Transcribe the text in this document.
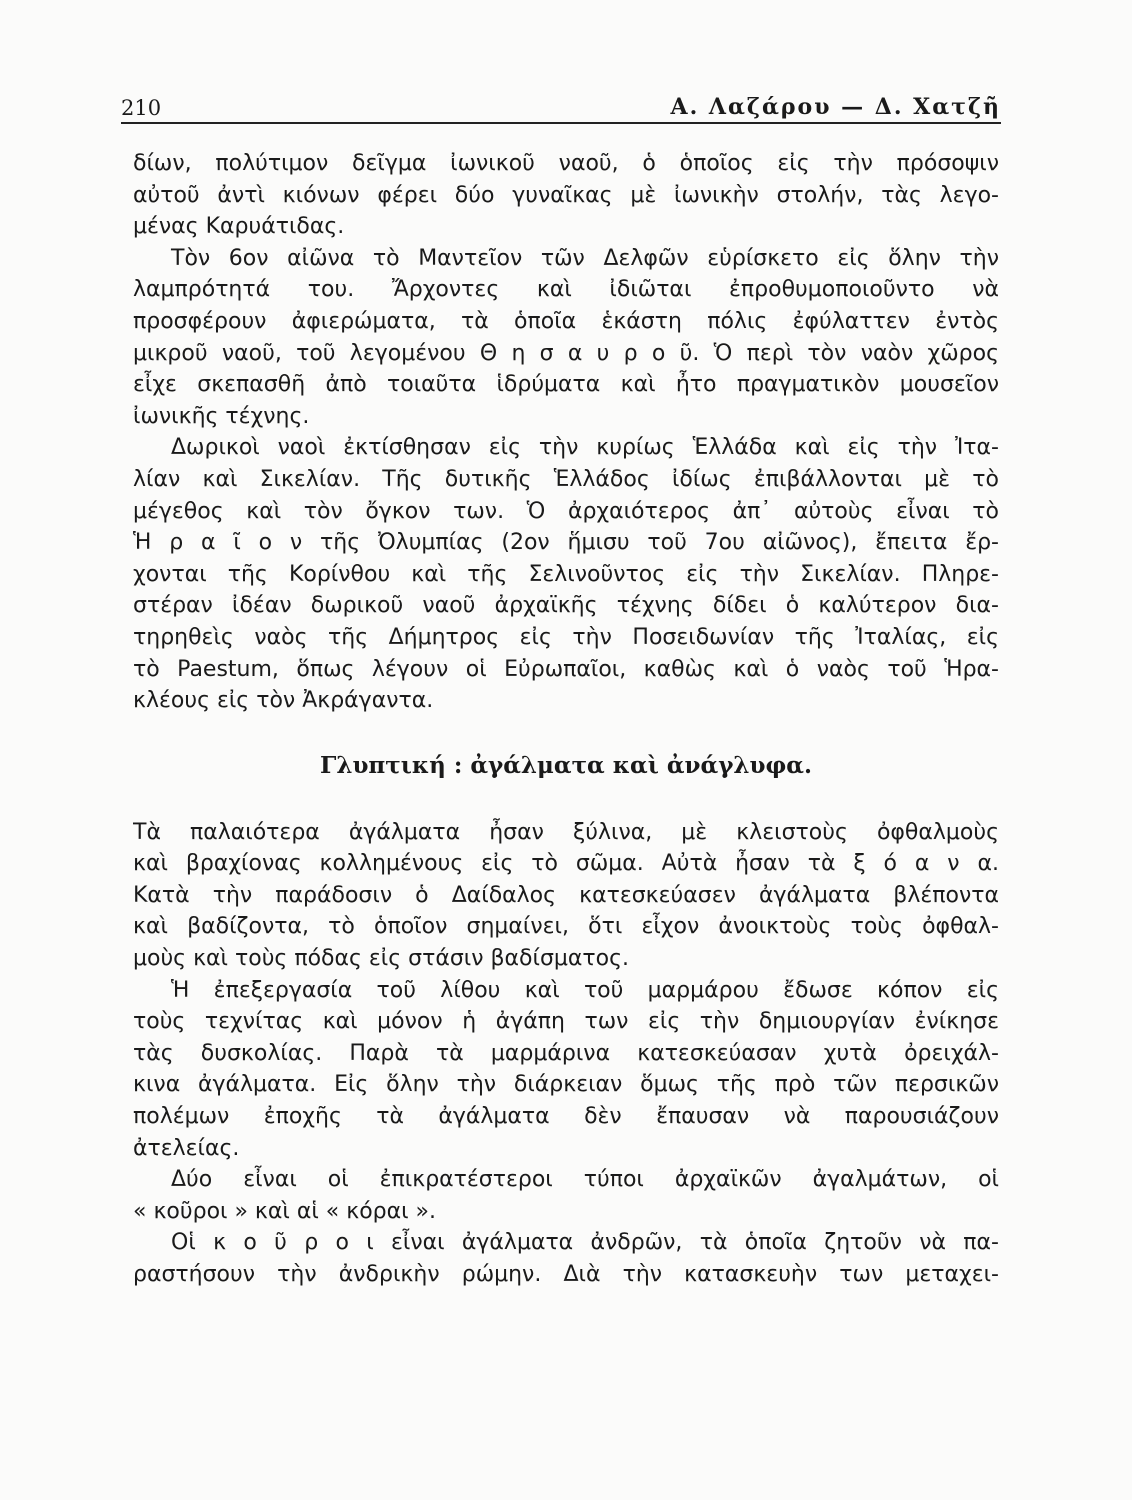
210	Α. Λαζάρου — Δ. Χατζῆ
δίων, πολύτιμον δεῖγμα ἰωνικοῦ ναοῦ, ὁ ὁποῖος εἰς τὴν πρόσοψιν
αὐτοῦ ἀντὶ κιόνων φέρει δύο γυναῖκας μὲ ἰωνικὴν στολήν, τὰς λεγο-
μένας Καρυάτιδας.
Τὸν 6ον αἰῶνα τὸ Μαντεῖον τῶν Δελφῶν εὑρίσκετο εἰς ὅλην τὴν
λαμπρότητά του. Ἄρχοντες καὶ ἰδιῶται ἐπροθυμοποιοῦντο νὰ
προσφέρουν ἀφιερώματα, τὰ ὁποῖα ἑκάστη πόλις ἐφύλαττεν ἐντὸς
μικροῦ ναοῦ, τοῦ λεγομένου Θ η σ α υ ρ ο ῦ. Ὁ περὶ τὸν ναὸν χῶρος
εἶχε σκεπασθῆ ἀπὸ τοιαῦτα ἱδρύματα καὶ ἦτο πραγματικὸν μουσεῖον
ἰωνικῆς τέχνης.
Δωρικοὶ ναοὶ ἐκτίσθησαν εἰς τὴν κυρίως Ἑλλάδα καὶ εἰς τὴν Ἰτα-
λίαν καὶ Σικελίαν. Τῆς δυτικῆς Ἑλλάδος ἰδίως ἐπιβάλλονται μὲ τὸ
μέγεθος καὶ τὸν ὄγκον των. Ὁ ἀρχαιότερος ἀπ᾽ αὐτοὺς εἶναι τὸ
Ἡ ρ α ῖ ο ν τῆς Ὀλυμπίας (2ον ἥμισυ τοῦ 7ου αἰῶνος), ἔπειτα ἔρ-
χονται τῆς Κορίνθου καὶ τῆς Σελινοῦντος εἰς τὴν Σικελίαν. Πληρε-
στέραν ἰδέαν δωρικοῦ ναοῦ ἀρχαϊκῆς τέχνης δίδει ὁ καλύτερον δια-
τηρηθεὶς ναὸς τῆς Δήμητρος εἰς τὴν Ποσειδωνίαν τῆς Ἰταλίας, εἰς
τὸ Paestum, ὅπως λέγουν οἱ Εὐρωπαῖοι, καθὼς καὶ ὁ ναὸς τοῦ Ἡρα-
κλέους εἰς τὸν Ἀκράγαντα.
Γλυπτική : ἀγάλματα καὶ ἀνάγλυφα.
Τὰ παλαιότερα ἀγάλματα ἦσαν ξύλινα, μὲ κλειστοὺς ὀφθαλμοὺς
καὶ βραχίονας κολλημένους εἰς τὸ σῶμα. Αὐτὰ ἦσαν τὰ ξ ό α ν α.
Κατὰ τὴν παράδοσιν ὁ Δαίδαλος κατεσκεύασεν ἀγάλματα βλέποντα
καὶ βαδίζοντα, τὸ ὁποῖον σημαίνει, ὅτι εἶχον ἀνοικτοὺς τοὺς ὀφθαλ-
μοὺς καὶ τοὺς πόδας εἰς στάσιν βαδίσματος.
Ἡ ἐπεξεργασία τοῦ λίθου καὶ τοῦ μαρμάρου ἔδωσε κόπον εἰς
τοὺς τεχνίτας καὶ μόνον ἡ ἀγάπη των εἰς τὴν δημιουργίαν ἐνίκησε
τὰς δυσκολίας. Παρὰ τὰ μαρμάρινα κατεσκεύασαν χυτὰ ὀρειχάλ-
κινα ἀγάλματα. Εἰς ὅλην τὴν διάρκειαν ὅμως τῆς πρὸ τῶν περσικῶν
πολέμων ἐποχῆς τὰ ἀγάλματα δὲν ἔπαυσαν νὰ παρουσιάζουν
ἀτελείας.
Δύο εἶναι οἱ ἐπικρατέστεροι τύποι ἀρχαϊκῶν ἀγαλμάτων, οἱ
« κοῦροι » καὶ αἱ « κόραι ».
Οἱ κ ο ῦ ρ ο ι εἶναι ἀγάλματα ἀνδρῶν, τὰ ὁποῖα ζητοῦν νὰ πα-
ραστήσουν τὴν ἀνδρικὴν ρώμην. Διὰ τὴν κατασκευὴν των μεταχει-
